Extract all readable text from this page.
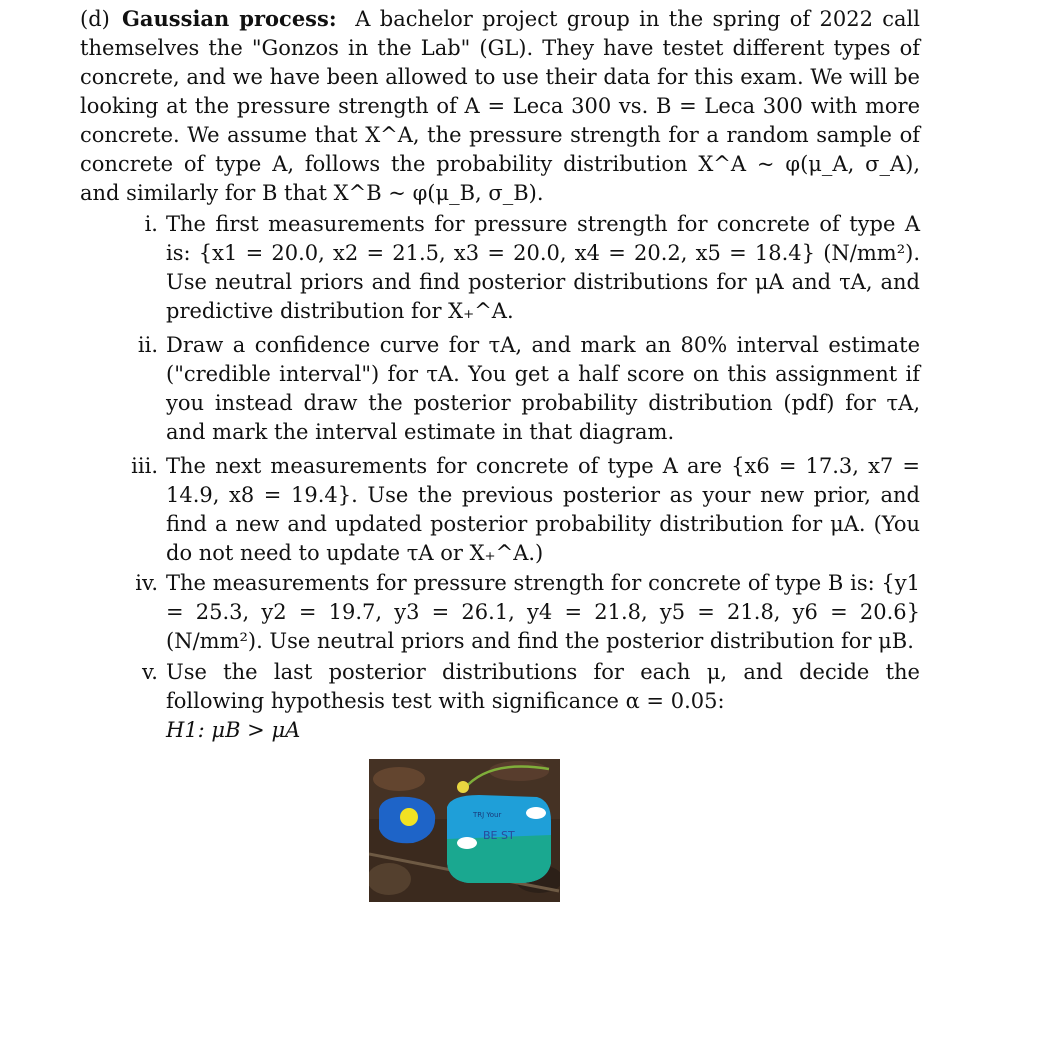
(d) Gaussian process: A bachelor project group in the spring of 2022 call themselves the "Gonzos in the Lab" (GL). They have testet different types of concrete, and we have been allowed to use their data for this exam. We will be looking at the pressure strength of A = Leca 300 vs. B = Leca 300 with more concrete. We assume that X^A, the pressure strength for a random sample of concrete of type A, follows the probability distribution X^A ~ φ(μ_A, σ_A), and similarly for B that X^B ~ φ(μ_B, σ_B).
i. The first measurements for pressure strength for concrete of type A is: {x1 = 20.0, x2 = 21.5, x3 = 20.0, x4 = 20.2, x5 = 18.4} (N/mm²). Use neutral priors and find posterior distributions for μA and τA, and predictive distribution for X₊^A.
ii. Draw a confidence curve for τA, and mark an 80% interval estimate ("credible interval") for τA. You get a half score on this assignment if you instead draw the posterior probability distribution (pdf) for τA, and mark the interval estimate in that diagram.
iii. The next measurements for concrete of type A are {x6 = 17.3, x7 = 14.9, x8 = 19.4}. Use the previous posterior as your new prior, and find a new and updated posterior probability distribution for μA. (You do not need to update τA or X₊^A.)
iv. The measurements for pressure strength for concrete of type B is: {y1 = 25.3, y2 = 19.7, y3 = 26.1, y4 = 21.8, y5 = 21.8, y6 = 20.6} (N/mm²). Use neutral priors and find the posterior distribution for μB.
v. Use the last posterior distributions for each μ, and decide the following hypothesis test with significance α = 0.05:
H1: μB > μA
TRJ Your
BE ST
